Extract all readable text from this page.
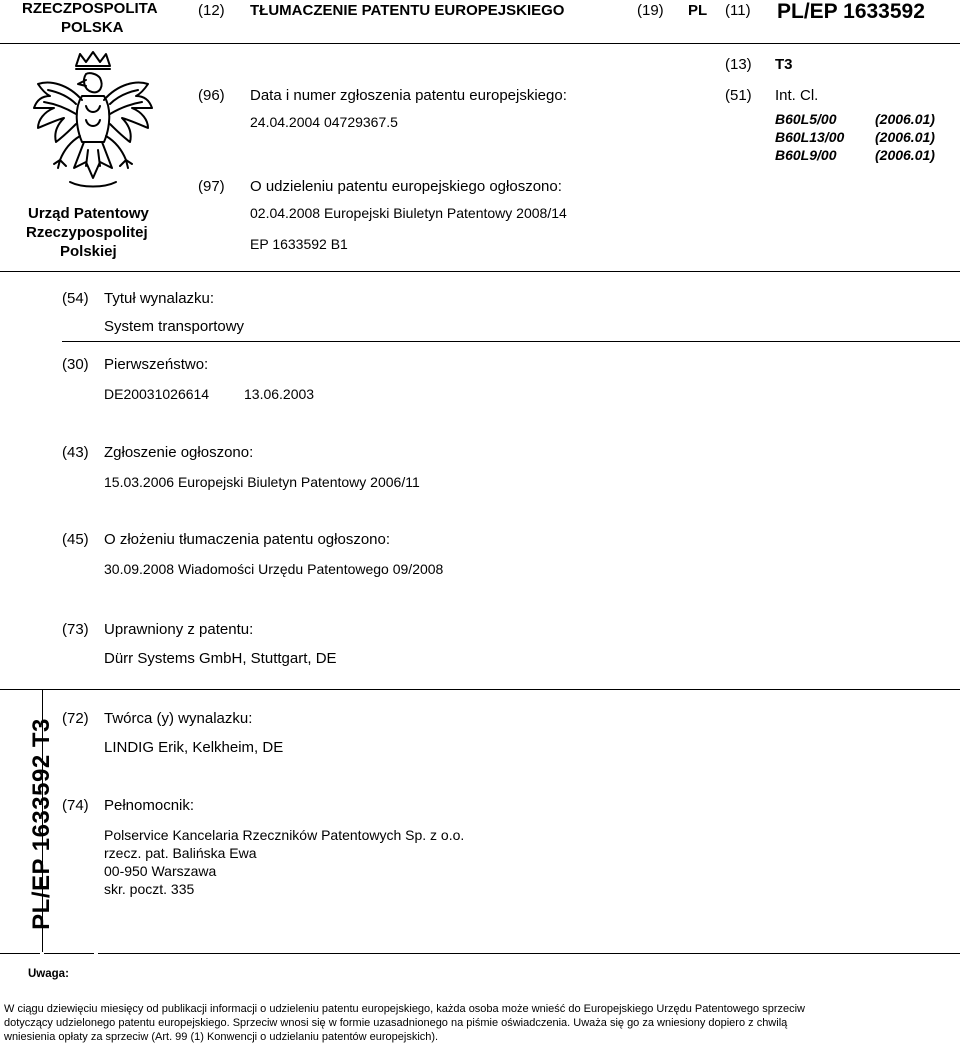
RZECZPOSPOLITA
POLSKA
(12) TŁUMACZENIE PATENTU EUROPEJSKIEGO	(19) PL (11) PL/EP 1633592
(13) T3
Urząd Patentowy
Rzeczypospolitej
Polskiej
(96) Data i numer zgłoszenia patentu europejskiego:
24.04.2004 04729367.5
(51) Int. Cl.
B60L5/00	(2006.01)
B60L13/00 (2006.01)
B60L9/00	(2006.01)
(97) O udzieleniu patentu europejskiego ogłoszono:
02.04.2008 Europejski Biuletyn Patentowy 2008/14
EP 1633592 B1
(54) Tytuł wynalazku:
System transportowy
(30) Pierwszeństwo:
DE20031026614 13.06.2003
(43) Zgłoszenie ogłoszono:
15.03.2006 Europejski Biuletyn Patentowy 2006/11
(45) O złożeniu tłumaczenia patentu ogłoszono:
30.09.2008 Wiadomości Urzędu Patentowego 09/2008
(73) Uprawniony z patentu:
Dürr Systems GmbH, Stuttgart, DE
PL/EP 1633592 T3 (72) Twórca (y) wynalazku:
LINDIG Erik, Kelkheim, DE
(74) Pełnomocnik:
Polservice Kancelaria Rzeczników Patentowych Sp. z o.o.
rzecz. pat. Balińska Ewa
00-950 Warszawa
skr. poczt. 335
Uwaga:
W ciągu dziewięciu miesięcy od publikacji informacji o udzieleniu patentu europejskiego, każda osoba może wnieść do Europejskiego Urzędu Patentowego sprzeciw
dotyczący udzielonego patentu europejskiego. Sprzeciw wnosi się w formie uzasadnionego na piśmie oświadczenia. Uważa się go za wniesiony dopiero z chwilą
wniesienia opłaty za sprzeciw (Art. 99 (1) Konwencji o udzielaniu patentów europejskich).
